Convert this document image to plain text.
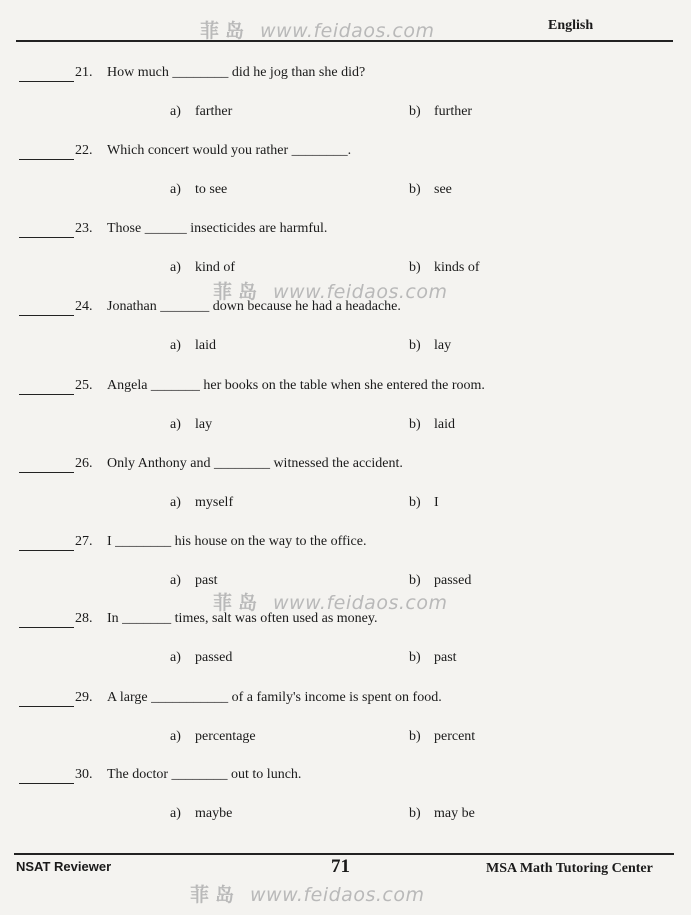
English
菲岛 www.feidaos.com
菲岛 www.feidaos.com
菲岛 www.feidaos.com
菲岛 www.feidaos.com
21. How much ________ did he jog than she did?
a) farther	b) further
22. Which concert would you rather ________.
a) to see	b) see
23. Those ______ insecticides are harmful.
a) kind of	b) kinds of
24. Jonathan _______ down because he had a headache.
a) laid	b) lay
25. Angela _______ her books on the table when she entered the room.
a) lay	b) laid
26. Only Anthony and ________ witnessed the accident.
a) myself	b) I
27. I ________ his house on the way to the office.
a) past	b) passed
28. In _______ times, salt was often used as money.
a) passed	b) past
29. A large ___________ of a family's income is spent on food.
a) percentage	b) percent
30. The doctor ________ out to lunch.
a) maybe	b) may be
NSAT Reviewer	71	MSA Math Tutoring Center
